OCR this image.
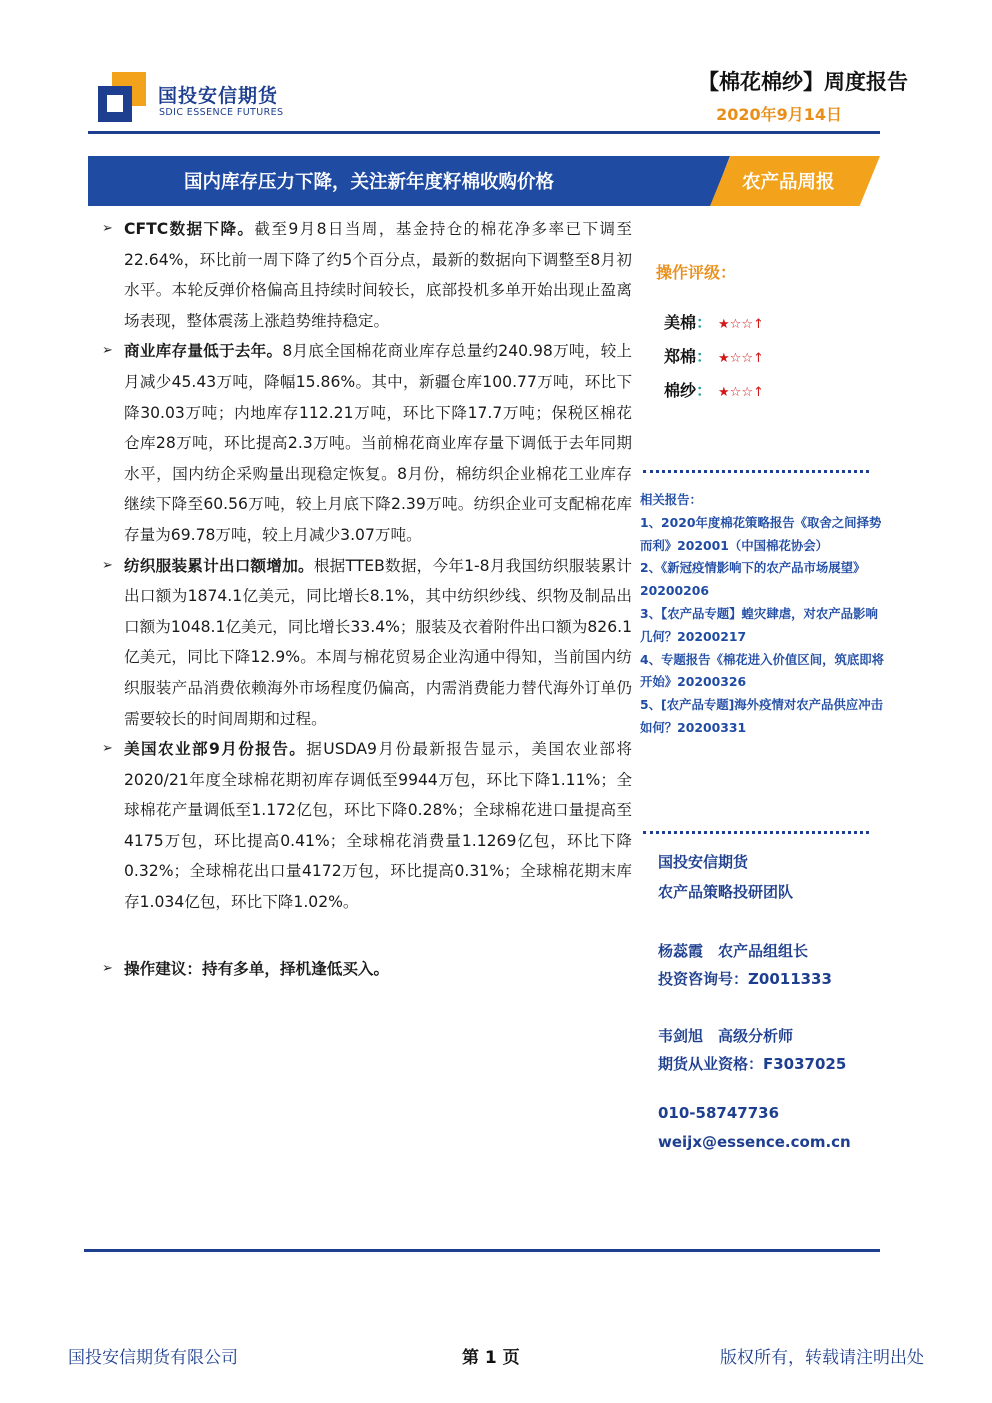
国投安信期货
SDIC ESSENCE FUTURES
【棉花棉纱】周度报告
2020年9月14日
国内库存压力下降，关注新年度籽棉收购价格	农产品周报
➢ CFTC数据下降。截至9月8日当周，基金持仓的棉花净多率已下调至22.64%，环比前一周下降了约5个百分点，最新的数据向下调整至8月初水平。本轮反弹价格偏高且持续时间较长，底部投机多单开始出现止盈离场表现，整体震荡上涨趋势维持稳定。
➢ 商业库存量低于去年。8月底全国棉花商业库存总量约240.98万吨，较上月减少45.43万吨，降幅15.86%。其中，新疆仓库100.77万吨，环比下降30.03万吨；内地库存112.21万吨，环比下降17.7万吨；保税区棉花仓库28万吨，环比提高2.3万吨。当前棉花商业库存量下调低于去年同期水平，国内纺企采购量出现稳定恢复。8月份，棉纺织企业棉花工业库存继续下降至60.56万吨，较上月底下降2.39万吨。纺织企业可支配棉花库存量为69.78万吨，较上月减少3.07万吨。
➢ 纺织服装累计出口额增加。根据TTEB数据，今年1-8月我国纺织服装累计出口额为1874.1亿美元，同比增长8.1%，其中纺织纱线、织物及制品出口额为1048.1亿美元，同比增长33.4%；服装及衣着附件出口额为826.1亿美元，同比下降12.9%。本周与棉花贸易企业沟通中得知，当前国内纺织服装产品消费依赖海外市场程度仍偏高，内需消费能力替代海外订单仍需要较长的时间周期和过程。
➢ 美国农业部9月份报告。据USDA9月份最新报告显示，美国农业部将2020/21年度全球棉花期初库存调低至9944万包，环比下降1.11%；全球棉花产量调低至1.172亿包，环比下降0.28%；全球棉花进口量提高至4175万包，环比提高0.41%；全球棉花消费量1.1269亿包，环比下降0.32%；全球棉花出口量4172万包，环比提高0.31%；全球棉花期末库存1.034亿包，环比下降1.02%。
➢ 操作建议：持有多单，择机逢低买入。
操作评级：
美棉： ★☆☆↑
郑棉： ★☆☆↑
棉纱： ★☆☆↑
相关报告：
1、2020年度棉花策略报告《取舍之间择势而利》202001（中国棉花协会）
2、《新冠疫情影响下的农产品市场展望》20200206
3、【农产品专题】蝗灾肆虐，对农产品影响几何？20200217
4、专题报告《棉花进入价值区间，筑底即将开始》20200326
5、[农产品专题]海外疫情对农产品供应冲击如何？20200331
国投安信期货
农产品策略投研团队
杨蕊霞　农产品组组长
投资咨询号：Z0011333
韦剑旭　高级分析师
期货从业资格：F3037025
010-58747736
weijx@essence.com.cn
国投安信期货有限公司	第 1 页	版权所有，转载请注明出处
